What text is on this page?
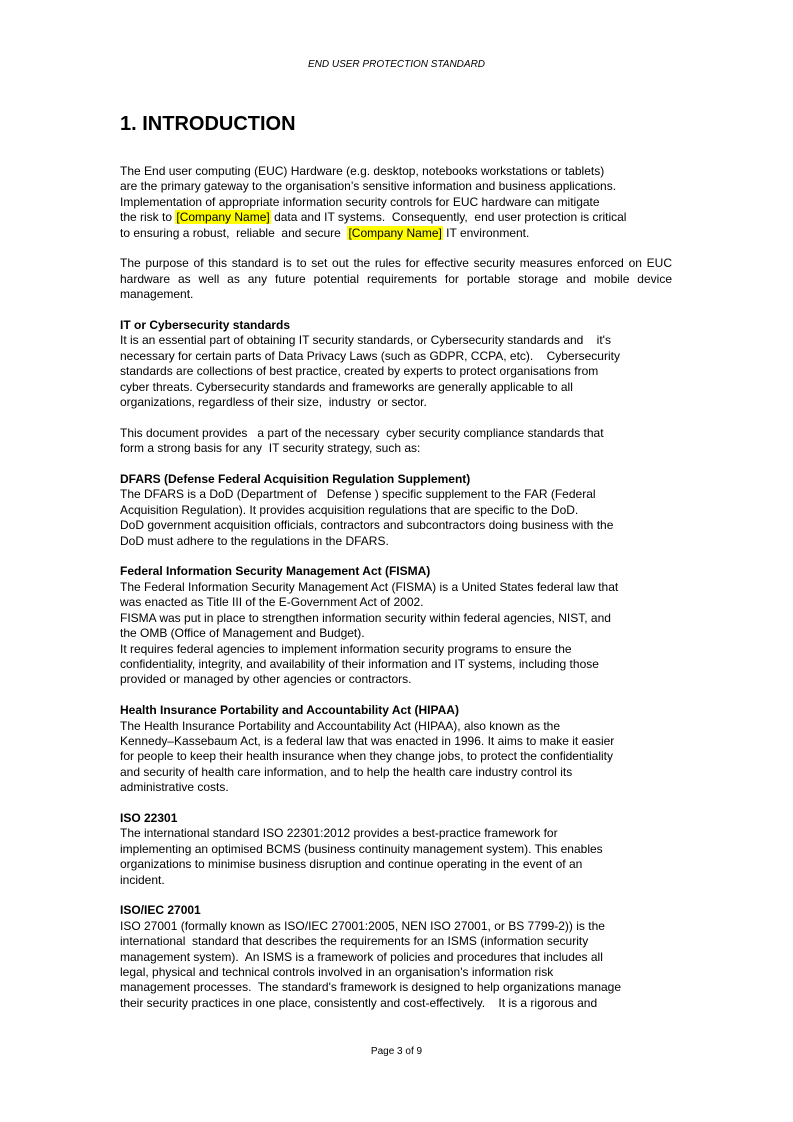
END USER PROTECTION STANDARD
1. INTRODUCTION

The End user computing (EUC) Hardware (e.g. desktop, notebooks workstations or tablets)
are the primary gateway to the organisation’s sensitive information and business applications.
Implementation of appropriate information security controls for EUC hardware can mitigate
the risk to [Company Name] data and IT systems.  Consequently,  end user protection is critical
to ensuring a robust,  reliable  and secure  [Company Name] IT environment.

The purpose of this standard is to set out the rules for effective security measures enforced on EUC hardware as well as any future potential requirements for portable storage and mobile device management.

IT or Cybersecurity standards

It is an essential part of obtaining IT security standards, or Cybersecurity standards and    it's
necessary for certain parts of Data Privacy Laws (such as GDPR, CCPA, etc).    Cybersecurity
standards are collections of best practice, created by experts to protect organisations from
cyber threats. Cybersecurity standards and frameworks are generally applicable to all
organizations, regardless of their size,  industry  or sector.

This document provides   a part of the necessary  cyber security compliance standards that
form a strong basis for any  IT security strategy, such as:

DFARS (Defense Federal Acquisition Regulation Supplement)

The DFARS is a DoD (Department of   Defense ) specific supplement to the FAR (Federal
Acquisition Regulation). It provides acquisition regulations that are specific to the DoD.
DoD government acquisition officials, contractors and subcontractors doing business with the
DoD must adhere to the regulations in the DFARS.

Federal Information Security Management Act (FISMA)

The Federal Information Security Management Act (FISMA) is a United States federal law that
was enacted as Title III of the E-Government Act of 2002.
FISMA was put in place to strengthen information security within federal agencies, NIST, and
the OMB (Office of Management and Budget).
It requires federal agencies to implement information security programs to ensure the
confidentiality, integrity, and availability of their information and IT systems, including those
provided or managed by other agencies or contractors.

Health Insurance Portability and Accountability Act (HIPAA)

The Health Insurance Portability and Accountability Act (HIPAA), also known as the
Kennedy–Kassebaum Act, is a federal law that was enacted in 1996. It aims to make it easier
for people to keep their health insurance when they change jobs, to protect the confidentiality
and security of health care information, and to help the health care industry control its
administrative costs.

ISO 22301

The international standard ISO 22301:2012 provides a best-practice framework for
implementing an optimised BCMS (business continuity management system). This enables
organizations to minimise business disruption and continue operating in the event of an
incident.

ISO/IEC 27001

ISO 27001 (formally known as ISO/IEC 27001:2005, NEN ISO 27001, or BS 7799-2)) is the
international  standard that describes the requirements for an ISMS (information security
management system).  An ISMS is a framework of policies and procedures that includes all
legal, physical and technical controls involved in an organisation's information risk
management processes.  The standard's framework is designed to help organizations manage
their security practices in one place, consistently and cost-effectively.    It is a rigorous and

Page 3 of 9
